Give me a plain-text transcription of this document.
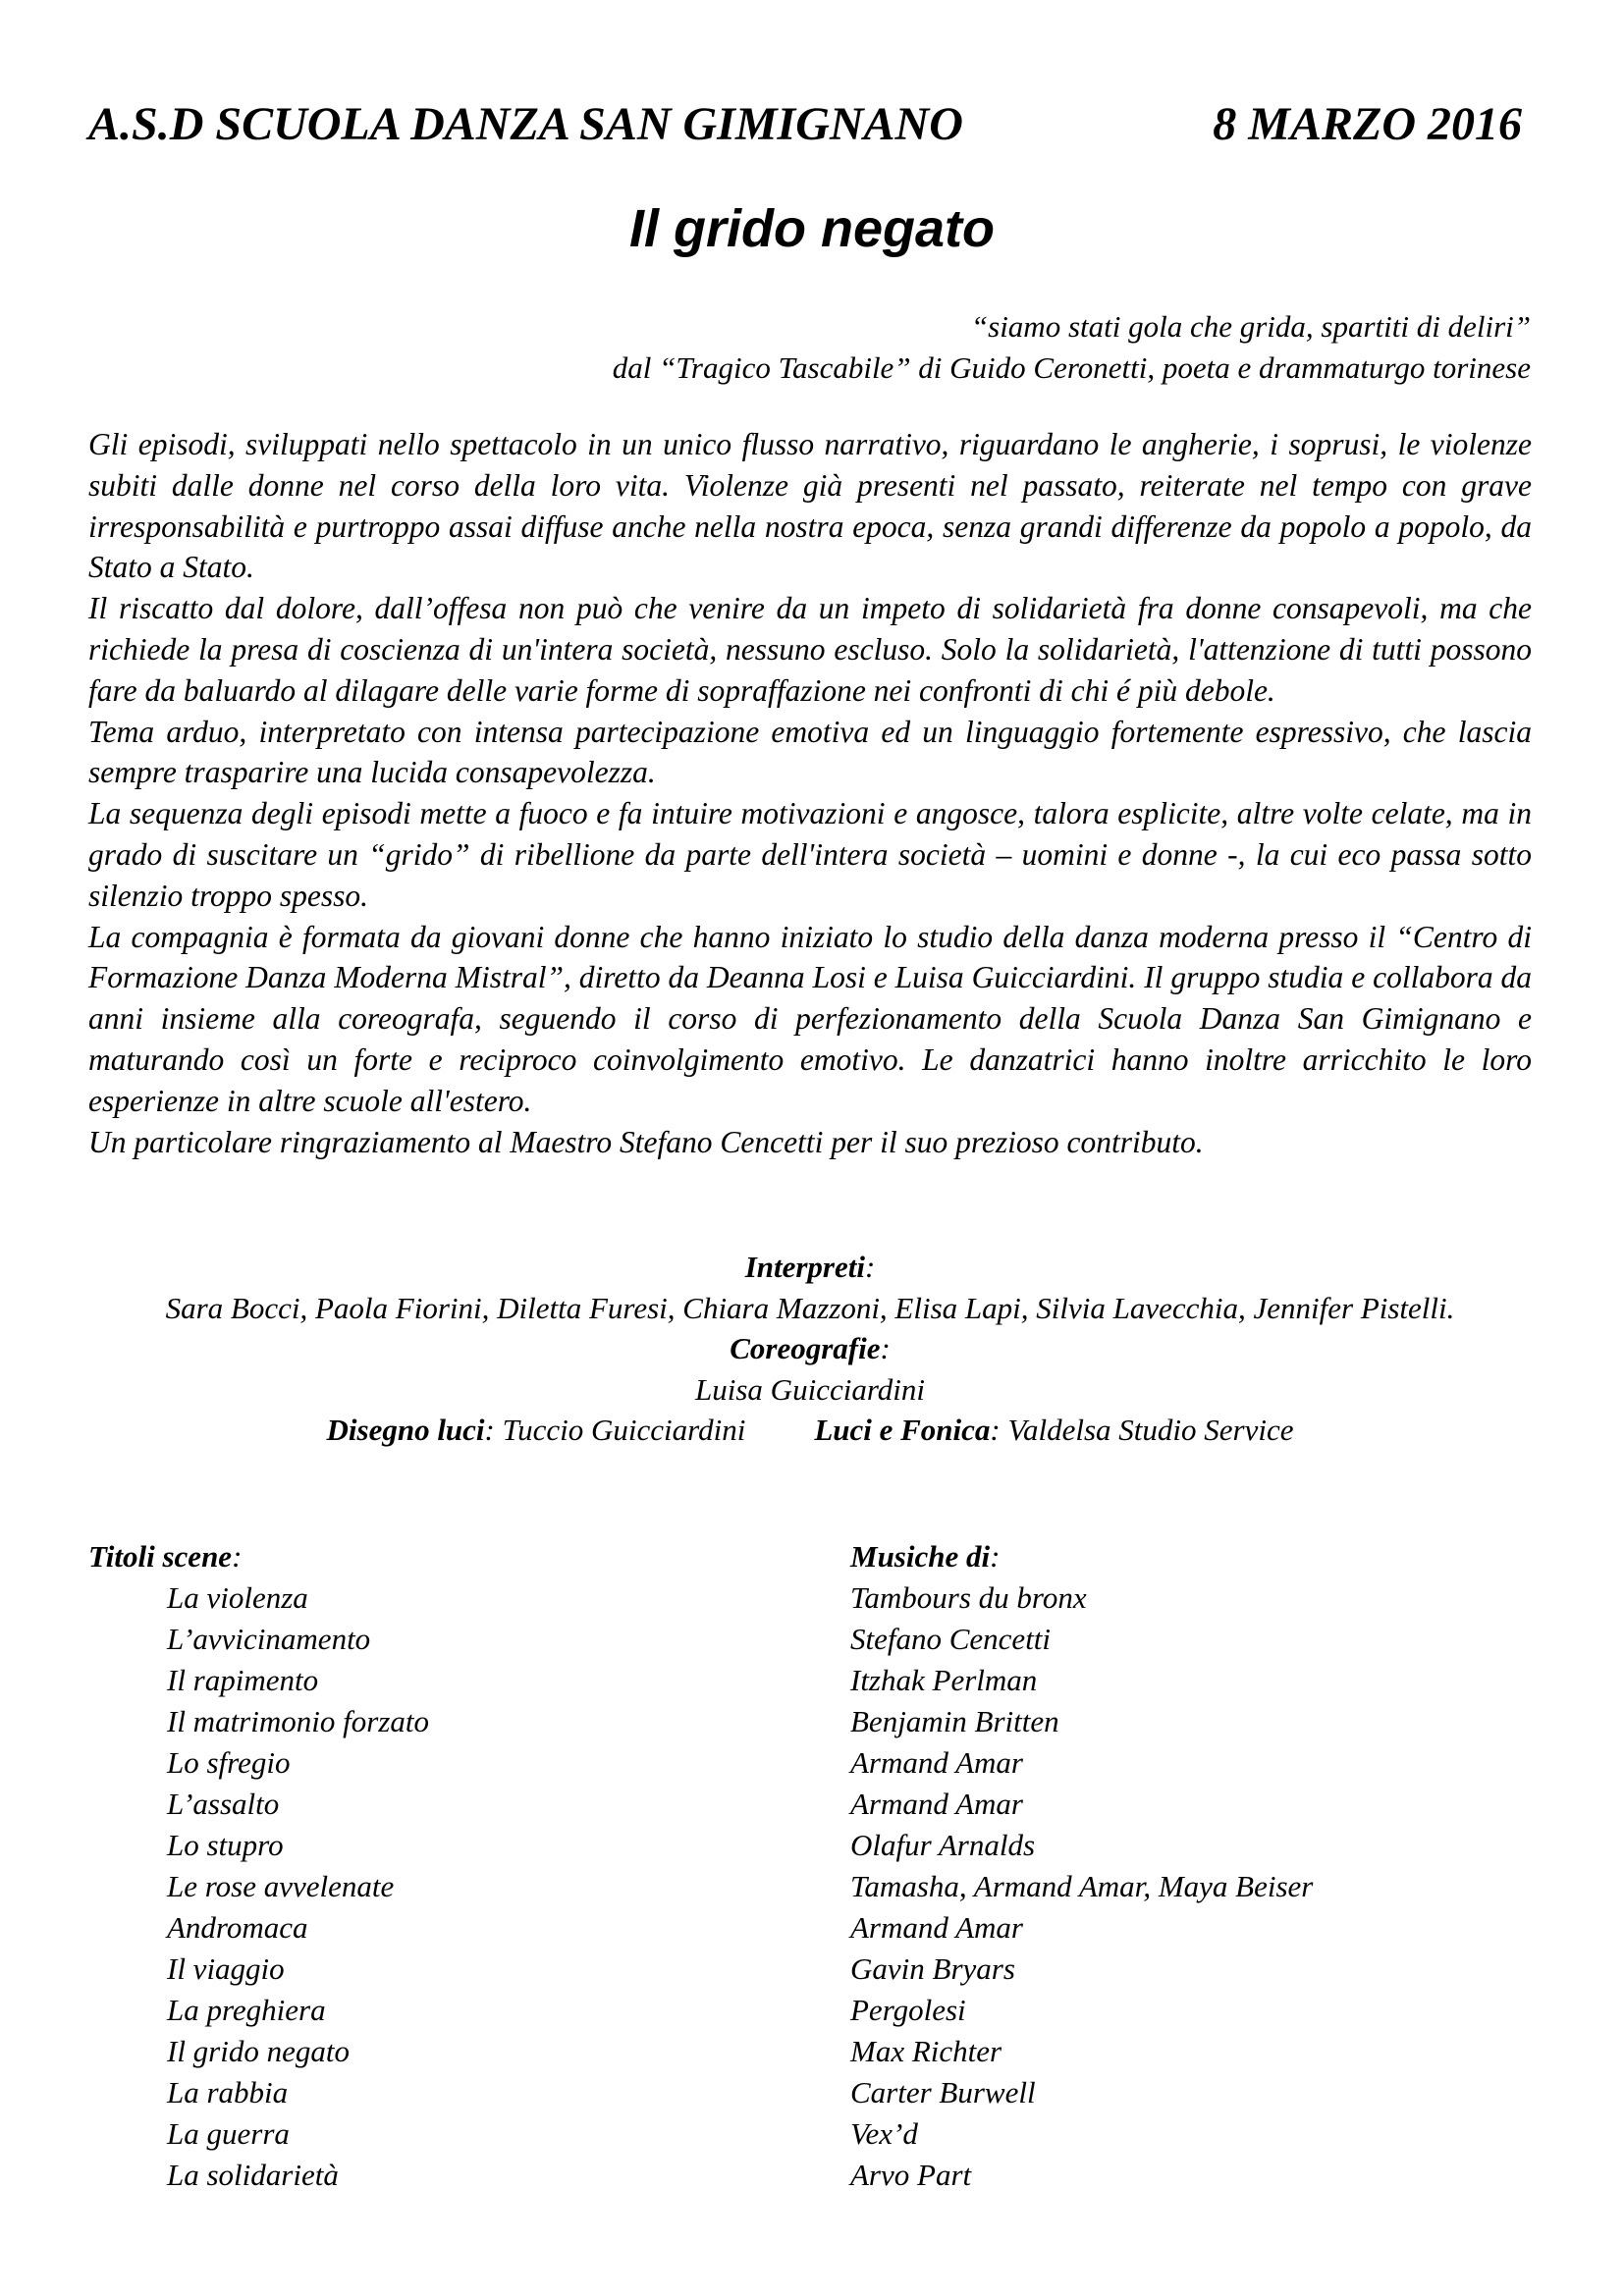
A.S.D SCUOLA DANZA SAN GIMIGNANO	8 MARZO 2016
Il grido negato
“siamo stati gola che grida, spartiti di deliri”
dal “Tragico Tascabile” di Guido Ceronetti, poeta e drammaturgo torinese

Gli episodi, sviluppati nello spettacolo in un unico flusso narrativo, riguardano le angherie, i soprusi, le violenze subiti dalle donne nel corso della loro vita. Violenze già presenti nel passato, reiterate nel tempo con grave irresponsabilità e purtroppo assai diffuse anche nella nostra epoca, senza grandi differenze da popolo a popolo, da Stato a Stato.

Il riscatto dal dolore, dall’offesa non può che venire da un impeto di solidarietà fra donne consapevoli, ma che richiede la presa di coscienza di un'intera società, nessuno escluso. Solo la solidarietà, l'attenzione di tutti possono fare da baluardo al dilagare delle varie forme di sopraffazione nei confronti di chi é più debole.

Tema arduo, interpretato con intensa partecipazione emotiva ed un linguaggio fortemente espressivo, che lascia sempre trasparire una lucida consapevolezza.

La sequenza degli episodi mette a fuoco e fa intuire motivazioni e angosce, talora esplicite, altre volte celate, ma in grado di suscitare un “grido” di ribellione da parte dell'intera società – uomini e donne -, la cui eco passa sotto silenzio troppo spesso.

La compagnia è formata da giovani donne che hanno iniziato lo studio della danza moderna presso il “Centro di Formazione Danza Moderna Mistral”, diretto da Deanna Losi e Luisa Guicciardini. Il gruppo studia e collabora da anni insieme alla coreografa, seguendo il corso di perfezionamento della Scuola Danza San Gimignano e maturando così un forte e reciproco coinvolgimento emotivo. Le danzatrici hanno inoltre arricchito le loro esperienze in altre scuole all'estero.

Un particolare ringraziamento al Maestro Stefano Cencetti per il suo prezioso contributo.

Interpreti:
Sara Bocci, Paola Fiorini, Diletta Furesi, Chiara Mazzoni, Elisa Lapi, Silvia Lavecchia, Jennifer Pistelli.
Coreografie:
Luisa Guicciardini
Disegno luci: Tuccio Guicciardini Luci e Fonica: Valdelsa Studio Service
Titoli scene:
La violenza
L’avvicinamento
Il rapimento
Il matrimonio forzato
Lo sfregio
L’assalto
Lo stupro
Le rose avvelenate
Andromaca
Il viaggio
La preghiera
Il grido negato
La rabbia
La guerra
La solidarietà
Musiche di:
Tambours du bronx
Stefano Cencetti
Itzhak Perlman
Benjamin Britten
Armand Amar
Armand Amar
Olafur Arnalds
Tamasha, Armand Amar, Maya Beiser
Armand Amar
Gavin Bryars
Pergolesi
Max Richter
Carter Burwell
Vex’d
Arvo Part
